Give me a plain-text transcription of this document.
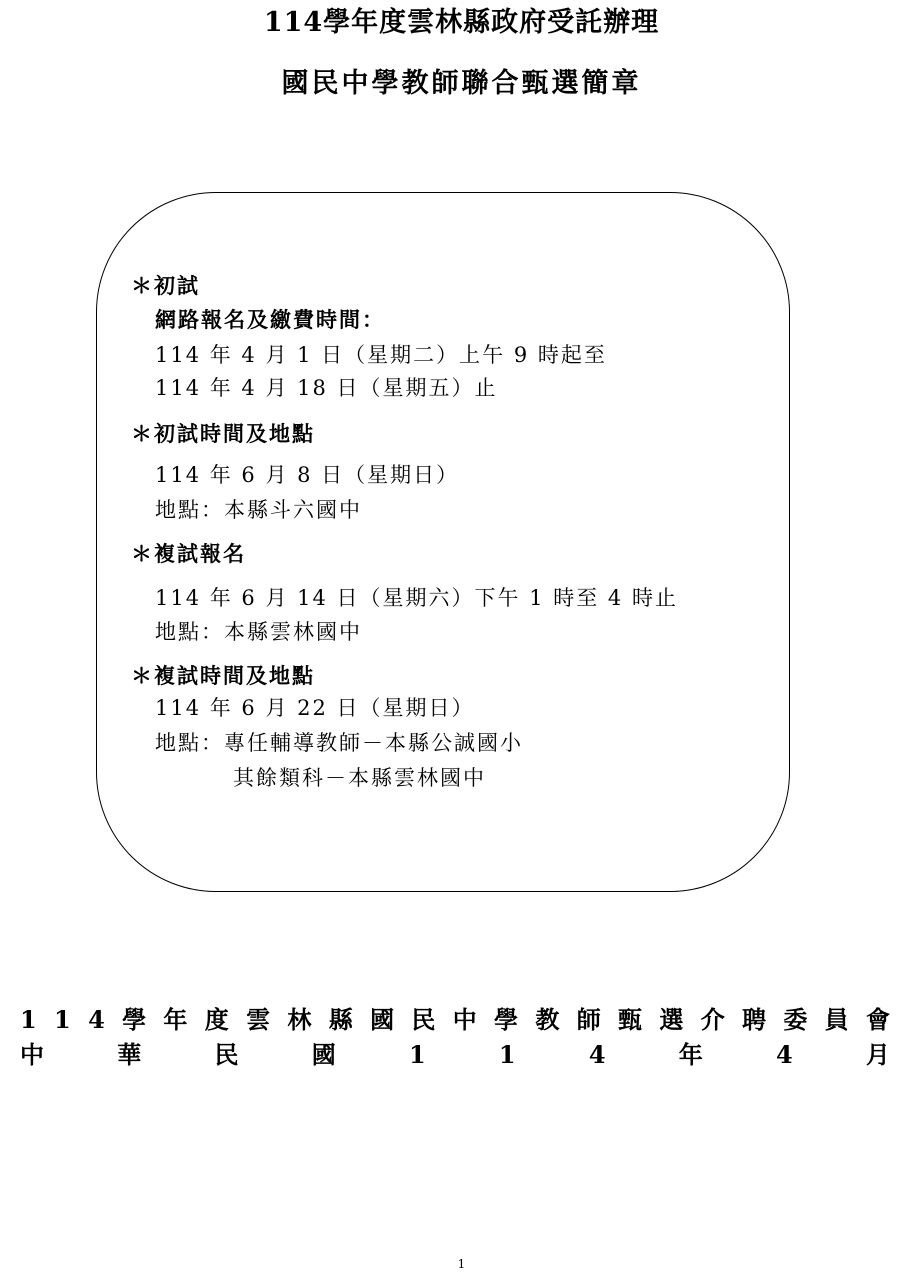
114學年度雲林縣政府受託辦理
國民中學教師聯合甄選簡章
＊初試
網路報名及繳費時間：
114 年 4 月 1 日（星期二）上午 9 時起至
114 年 4 月 18 日（星期五）止
＊初試時間及地點
114 年 6 月 8 日（星期日）
地點：本縣斗六國中
＊複試報名
114 年 6 月 14 日（星期六）下午 1 時至 4 時止
地點：本縣雲林國中
＊複試時間及地點
114 年 6 月 22 日（星期日）
地點：專任輔導教師－本縣公誠國小
其餘類科－本縣雲林國中
1 1 4 學 年 度 雲 林 縣 國 民 中 學 教 師 甄 選 介 聘 委 員 會
中	華	民	國	1	1	4	年	4	月
1
